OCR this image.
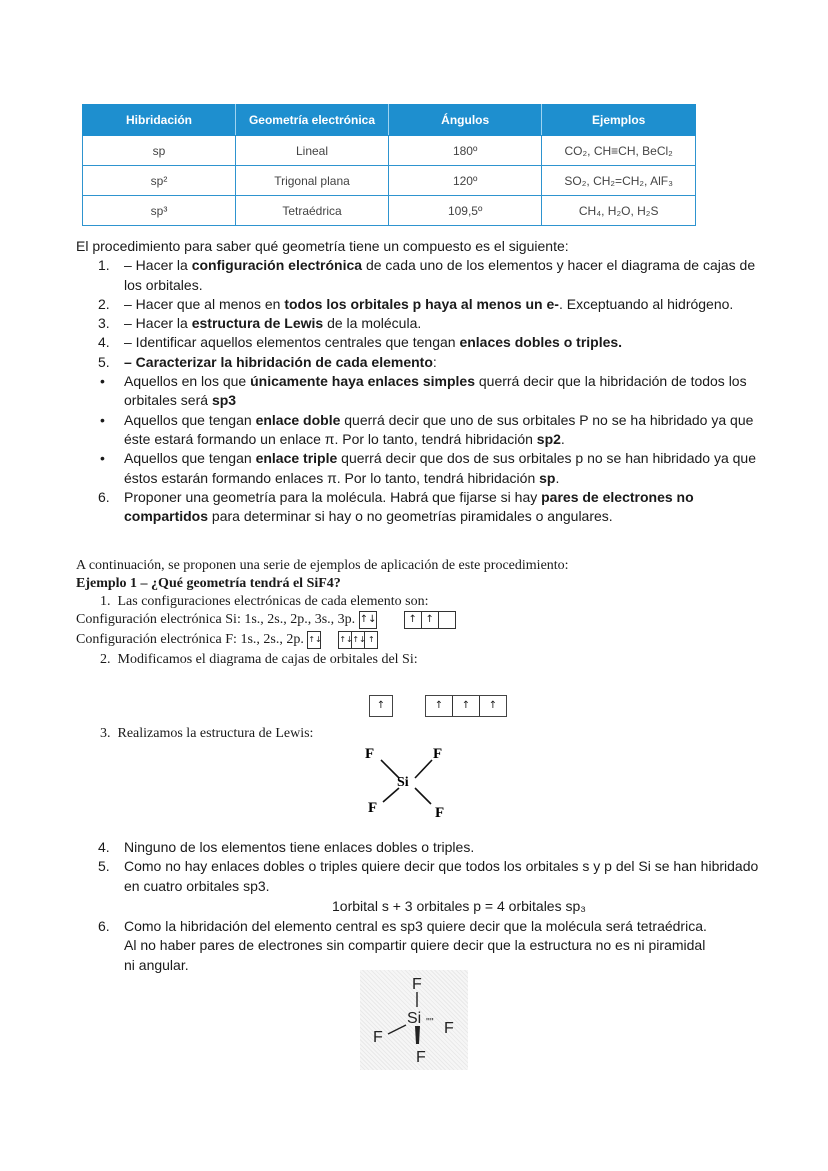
Hibridación	Geometría electrónica	Ángulos	Ejemplos
sp	Lineal	180º	CO₂, CH≡CH, BeCl₂
sp²	Trigonal plana	120º	SO₂, CH₂=CH₂, AlF₃
sp³	Tetraédrica	109,5º	CH₄, H₂O, H₂S
El procedimiento para saber qué geometría tiene un compuesto es el siguiente:
1. – Hacer la configuración electrónica de cada uno de los elementos y hacer el diagrama de cajas de los orbitales.
2. – Hacer que al menos en todos los orbitales p haya al menos un e-. Exceptuando al hidrógeno.
3. – Hacer la estructura de Lewis de la molécula.
4. – Identificar aquellos elementos centrales que tengan enlaces dobles o triples.
5. – Caracterizar la hibridación de cada elemento:
• Aquellos en los que únicamente haya enlaces simples querrá decir que la hibridación de todos los orbitales será sp3
• Aquellos que tengan enlace doble querrá decir que uno de sus orbitales P no se ha hibridado ya que éste estará formando un enlace π. Por lo tanto, tendrá hibridación sp2.
• Aquellos que tengan enlace triple querrá decir que dos de sus orbitales p no se han hibridado ya que éstos estarán formando enlaces π. Por lo tanto, tendrá hibridación sp.
6. Proponer una geometría para la molécula. Habrá que fijarse si hay pares de electrones no compartidos para determinar si hay o no geometrías piramidales o angulares.
A continuación, se proponen una serie de ejemplos de aplicación de este procedimiento:
Ejemplo 1 – ¿Qué geometría tendrá el SiF4?
1. Las configuraciones electrónicas de cada elemento son:
Configuración electrónica Si: 1s., 2s., 2p., 3s., 3p. ↑↓	↑ ↑
Configuración electrónica F: 1s., 2s., 2p. ↑↓ ↑↓↑↓ ↑
2. Modificamos el diagrama de cajas de orbitales del Si:
↑	↑ ↑ ↑
3. Realizamos la estructura de Lewis:
F	F
Si
F	F
4. Ninguno de los elementos tiene enlaces dobles o triples.
5. Como no hay enlaces dobles o triples quiere decir que todos los orbitales s y p del Si se han hibridado en cuatro orbitales sp3.
1orbital s + 3 orbitales p = 4 orbitales sp₃
6. Como la hibridación del elemento central es sp3 quiere decir que la molécula será tetraédrica. Al no haber pares de electrones sin compartir quiere decir que la estructura no es ni piramidal ni angular.
''''
F
Si
F
F
F
